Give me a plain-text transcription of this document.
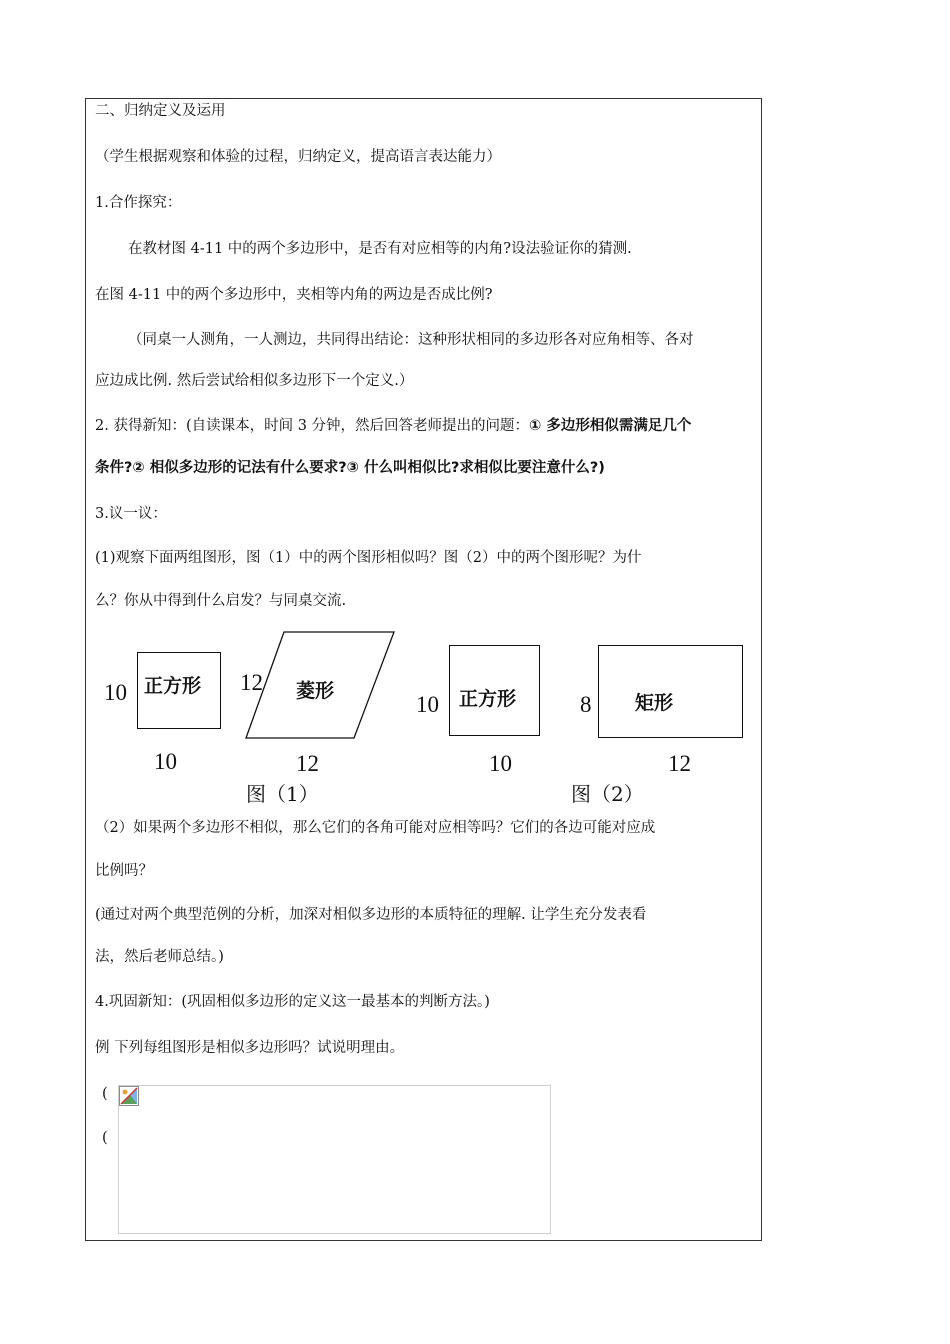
二、归纳定义及运用
（学生根据观察和体验的过程，归纳定义，提高语言表达能力）
1.合作探究：
在教材图 4-11 中的两个多边形中，是否有对应相等的内角?设法验证你的猜测.
在图 4-11 中的两个多边形中，夹相等内角的两边是否成比例?
（同桌一人测角，一人测边，共同得出结论：这种形状相同的多边形各对应角相等、各对
应边成比例. 然后尝试给相似多边形下一个定义.）
2. 获得新知：(自读课本，时间 3 分钟，然后回答老师提出的问题：① 多边形相似需满足几个
条件?② 相似多边形的记法有什么要求?③ 什么叫相似比?求相似比要注意什么?)
3.议一议：
(1)观察下面两组图形，图（1）中的两个图形相似吗？图（2）中的两个图形呢？为什
么？你从中得到什么启发？与同桌交流.
正方形
10
10
菱形
12
12
图（1）
正方形
10
10
矩形
8
12
图（2）
（2）如果两个多边形不相似，那么它们的各角可能对应相等吗？它们的各边可能对应成
比例吗？
(通过对两个典型范例的分析，加深对相似多边形的本质特征的理解. 让学生充分发表看
法，然后老师总结。)
4.巩固新知：(巩固相似多边形的定义这一最基本的判断方法。)
例 下列每组图形是相似多边形吗？试说明理由。
(
(
